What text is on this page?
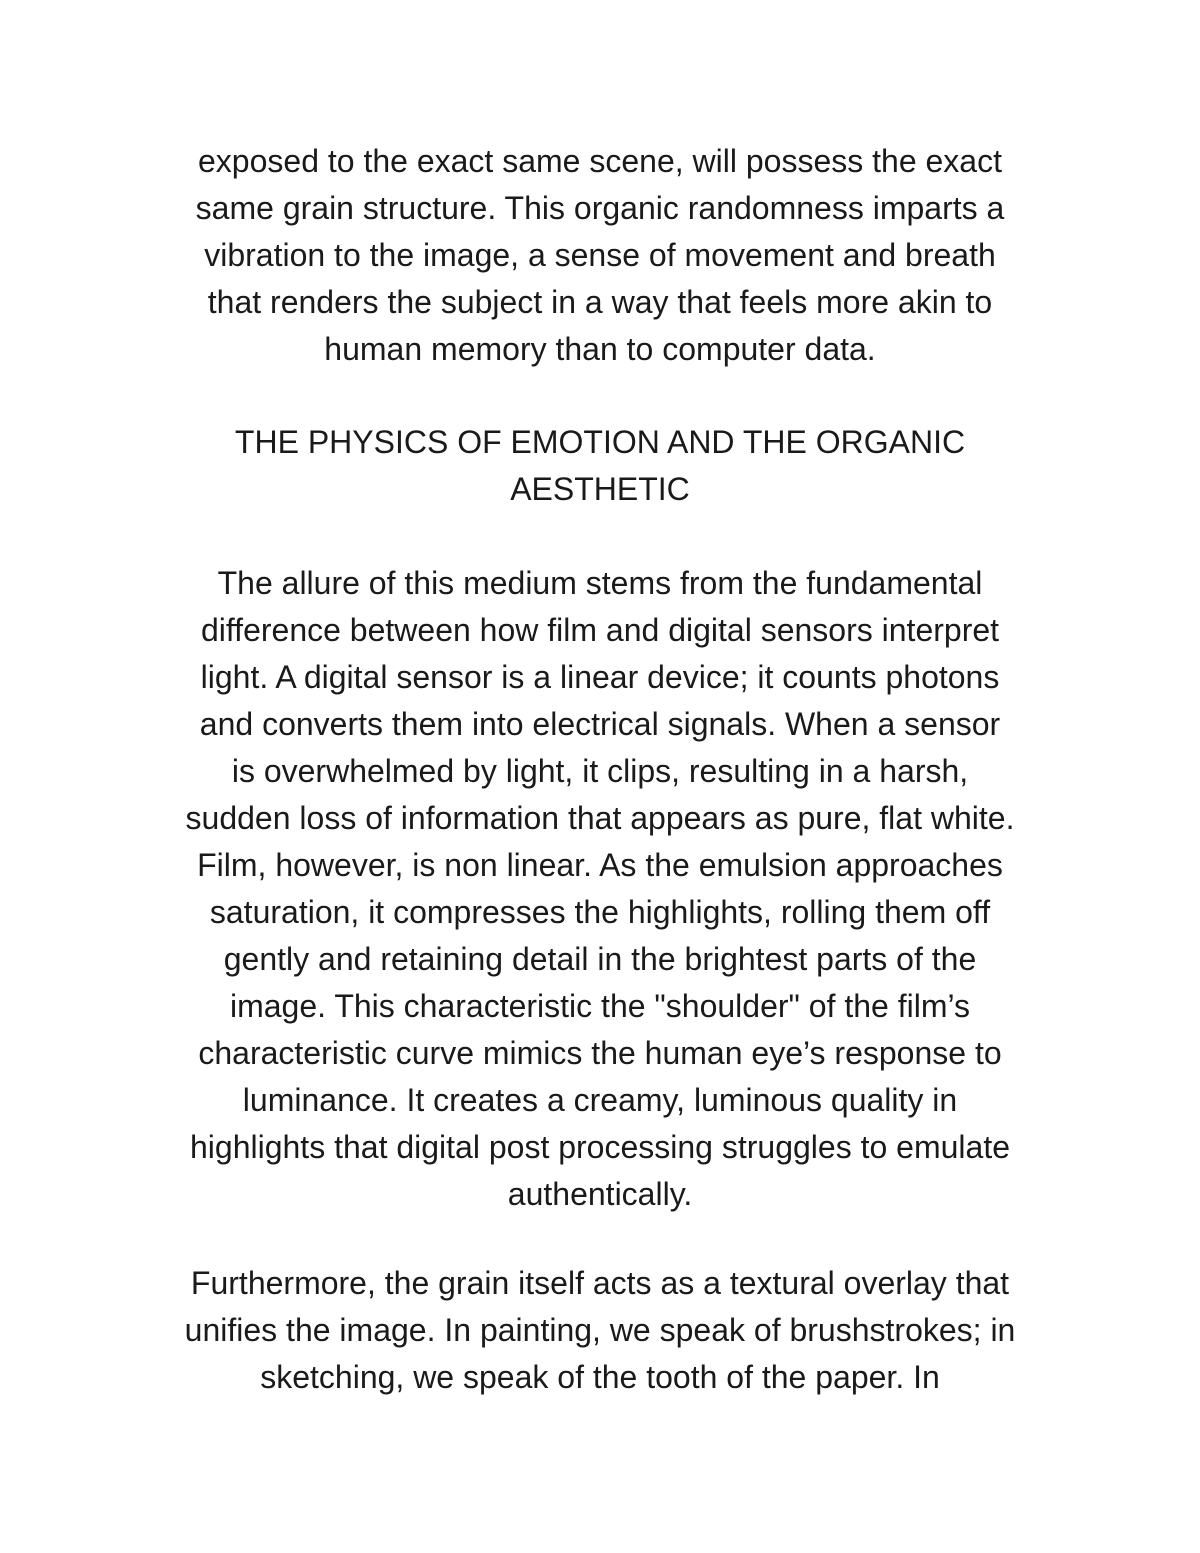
exposed to the exact same scene, will possess the exact
same grain structure. This organic randomness imparts a
vibration to the image, a sense of movement and breath
that renders the subject in a way that feels more akin to
human memory than to computer data.
THE PHYSICS OF EMOTION AND THE ORGANIC
AESTHETIC
The allure of this medium stems from the fundamental
difference between how film and digital sensors interpret
light. A digital sensor is a linear device; it counts photons
and converts them into electrical signals. When a sensor
is overwhelmed by light, it clips, resulting in a harsh,
sudden loss of information that appears as pure, flat white.
Film, however, is non linear. As the emulsion approaches
saturation, it compresses the highlights, rolling them off
gently and retaining detail in the brightest parts of the
image. This characteristic the "shoulder" of the film’s
characteristic curve mimics the human eye’s response to
luminance. It creates a creamy, luminous quality in
highlights that digital post processing struggles to emulate
authentically.
Furthermore, the grain itself acts as a textural overlay that
unifies the image. In painting, we speak of brushstrokes; in
sketching, we speak of the tooth of the paper. In
